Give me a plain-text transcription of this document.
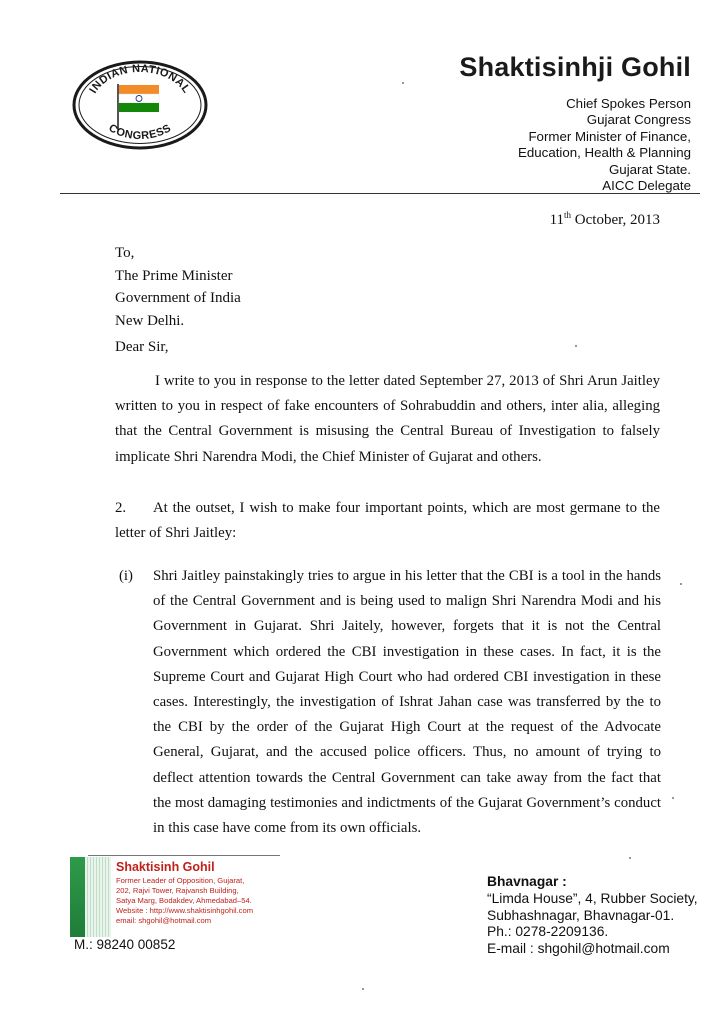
INDIAN NATIONAL
CONGRESS
Shaktisinhji Gohil
Chief Spokes Person
Gujarat Congress
Former Minister of Finance,
Education, Health & Planning
Gujarat State.
AICC Delegate
11th October, 2013
To,
The Prime Minister
Government of India
New Delhi.
Dear Sir,
I write to you in response to the letter dated September 27, 2013 of Shri Arun Jaitley written to you in respect of fake encounters of Sohrabuddin and others, inter alia, alleging that the Central Government is misusing the Central Bureau of Investigation to falsely implicate Shri Narendra Modi, the Chief Minister of Gujarat and others.
2. At the outset, I wish to make four important points, which are most germane to the letter of Shri Jaitley:
(i) Shri Jaitley painstakingly tries to argue in his letter that the CBI is a tool in the hands of the Central Government and is being used to malign Shri Narendra Modi and his Government in Gujarat. Shri Jaitely, however, forgets that it is not the Central Government which ordered the CBI investigation in these cases. In fact, it is the Supreme Court and Gujarat High Court who had ordered CBI investigation in these cases. Interestingly, the investigation of Ishrat Jahan case was transferred by the to the CBI by the order of the Gujarat High Court at the request of the Advocate General, Gujarat, and the accused police officers. Thus, no amount of trying to deflect attention towards the Central Government can take away from the fact that the most damaging testimonies and indictments of the Gujarat Government’s conduct in this case have come from its own officials.
Shaktisinh Gohil
Former Leader of Opposition, Gujarat,
202, Rajvi Tower, Rajvansh Building,
Satya Marg, Bodakdev, Ahmedabad–54.
Website : http://www.shaktisinhgohil.com
email: shgohil@hotmail.com
M.: 98240 00852
Bhavnagar :
“Limda House”, 4, Rubber Society,
Subhashnagar, Bhavnagar-01.
Ph.: 0278-2209136.
E-mail : shgohil@hotmail.com
